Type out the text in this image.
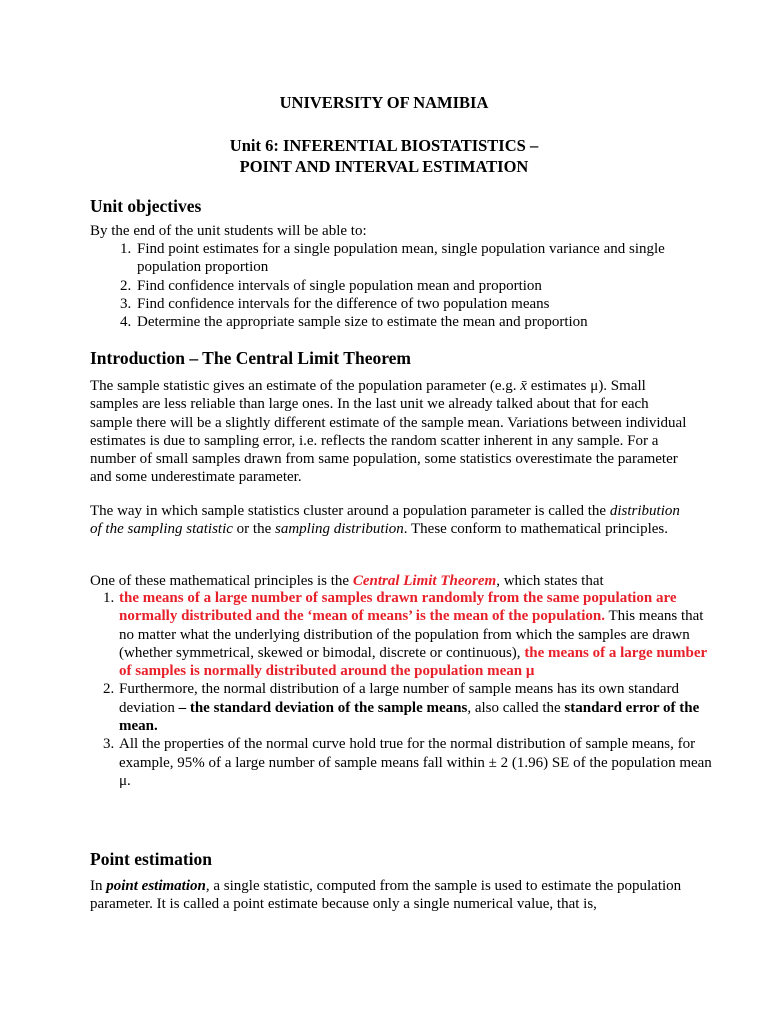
UNIVERSITY OF NAMIBIA
Unit 6: INFERENTIAL BIOSTATISTICS –
POINT AND INTERVAL ESTIMATION
Unit objectives
By the end of the unit students will be able to:
1. Find point estimates for a single population mean, single population variance and single population proportion
2. Find confidence intervals of single population mean and proportion
3. Find confidence intervals for the difference of two population means
4. Determine the appropriate sample size to estimate the mean and proportion
Introduction – The Central Limit Theorem
The sample statistic gives an estimate of the population parameter (e.g. x̄ estimates μ). Small samples are less reliable than large ones. In the last unit we already talked about that for each sample there will be a slightly different estimate of the sample mean. Variations between individual estimates is due to sampling error, i.e. reflects the random scatter inherent in any sample. For a number of small samples drawn from same population, some statistics overestimate the parameter and some underestimate parameter.
The way in which sample statistics cluster around a population parameter is called the distribution of the sampling statistic or the sampling distribution. These conform to mathematical principles.
One of these mathematical principles is the Central Limit Theorem, which states that
1. the means of a large number of samples drawn randomly from the same population are normally distributed and the ‘mean of means’ is the mean of the population. This means that no matter what the underlying distribution of the population from which the samples are drawn (whether symmetrical, skewed or bimodal, discrete or continuous), the means of a large number of samples is normally distributed around the population mean μ
2. Furthermore, the normal distribution of a large number of sample means has its own standard deviation – the standard deviation of the sample means, also called the standard error of the mean.
3. All the properties of the normal curve hold true for the normal distribution of sample means, for example, 95% of a large number of sample means fall within ± 2 (1.96) SE of the population mean μ.
Point estimation
In point estimation, a single statistic, computed from the sample is used to estimate the population parameter. It is called a point estimate because only a single numerical value, that is,
